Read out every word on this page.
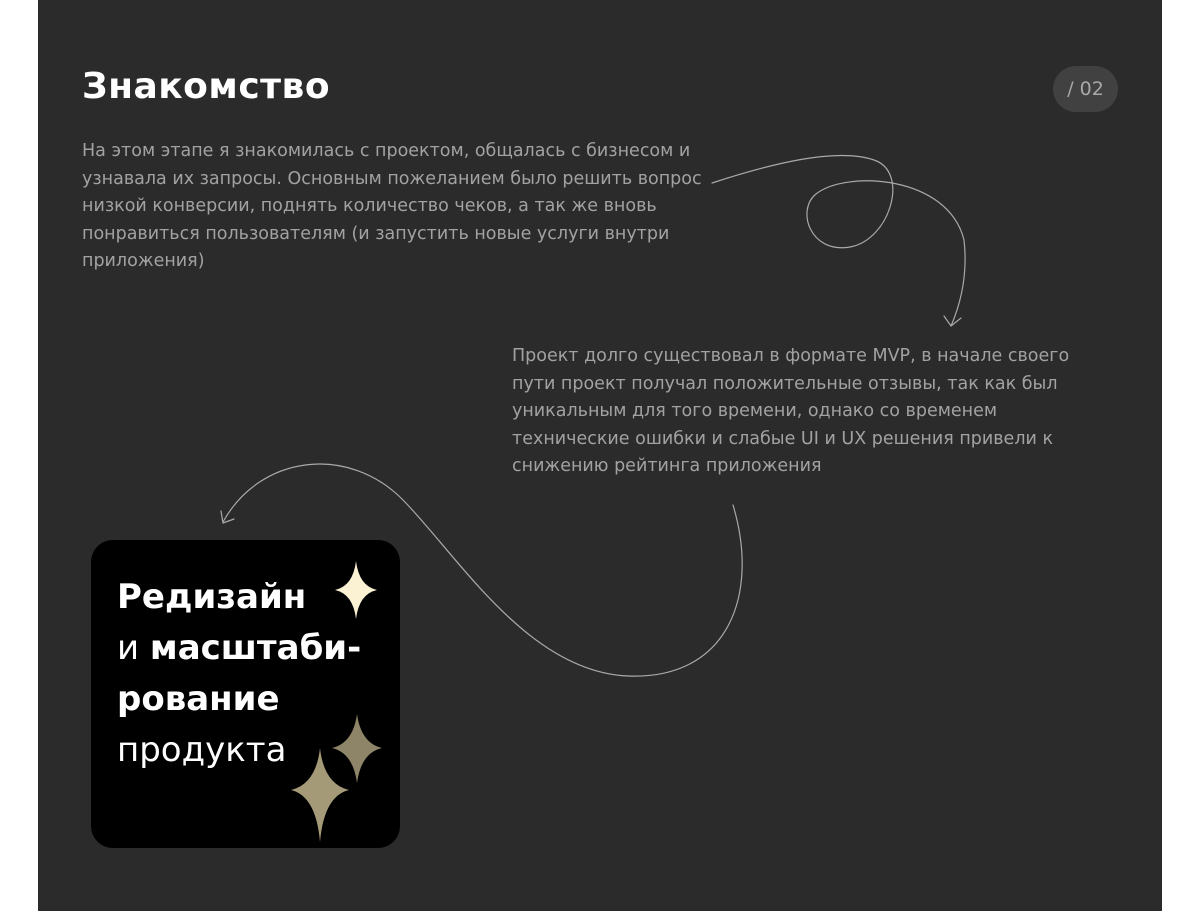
Знакомство	/ 02

На этом этапе я знакомилась с проектом, общалась с бизнесом и узнавала их запросы. Основным пожеланием было решить вопрос низкой конверсии, поднять количество чеков, а так же вновь понравиться пользователям (и запустить новые услуги внутри приложения)

Проект долго существовал в формате MVP, в начале своего пути проект получал положительные отзывы, так как был уникальным для того времени, однако со временем технические ошибки и слабые UI и UX решения привели к снижению рейтинга приложения

Редизайн
и масштаби-
рование
продукта
